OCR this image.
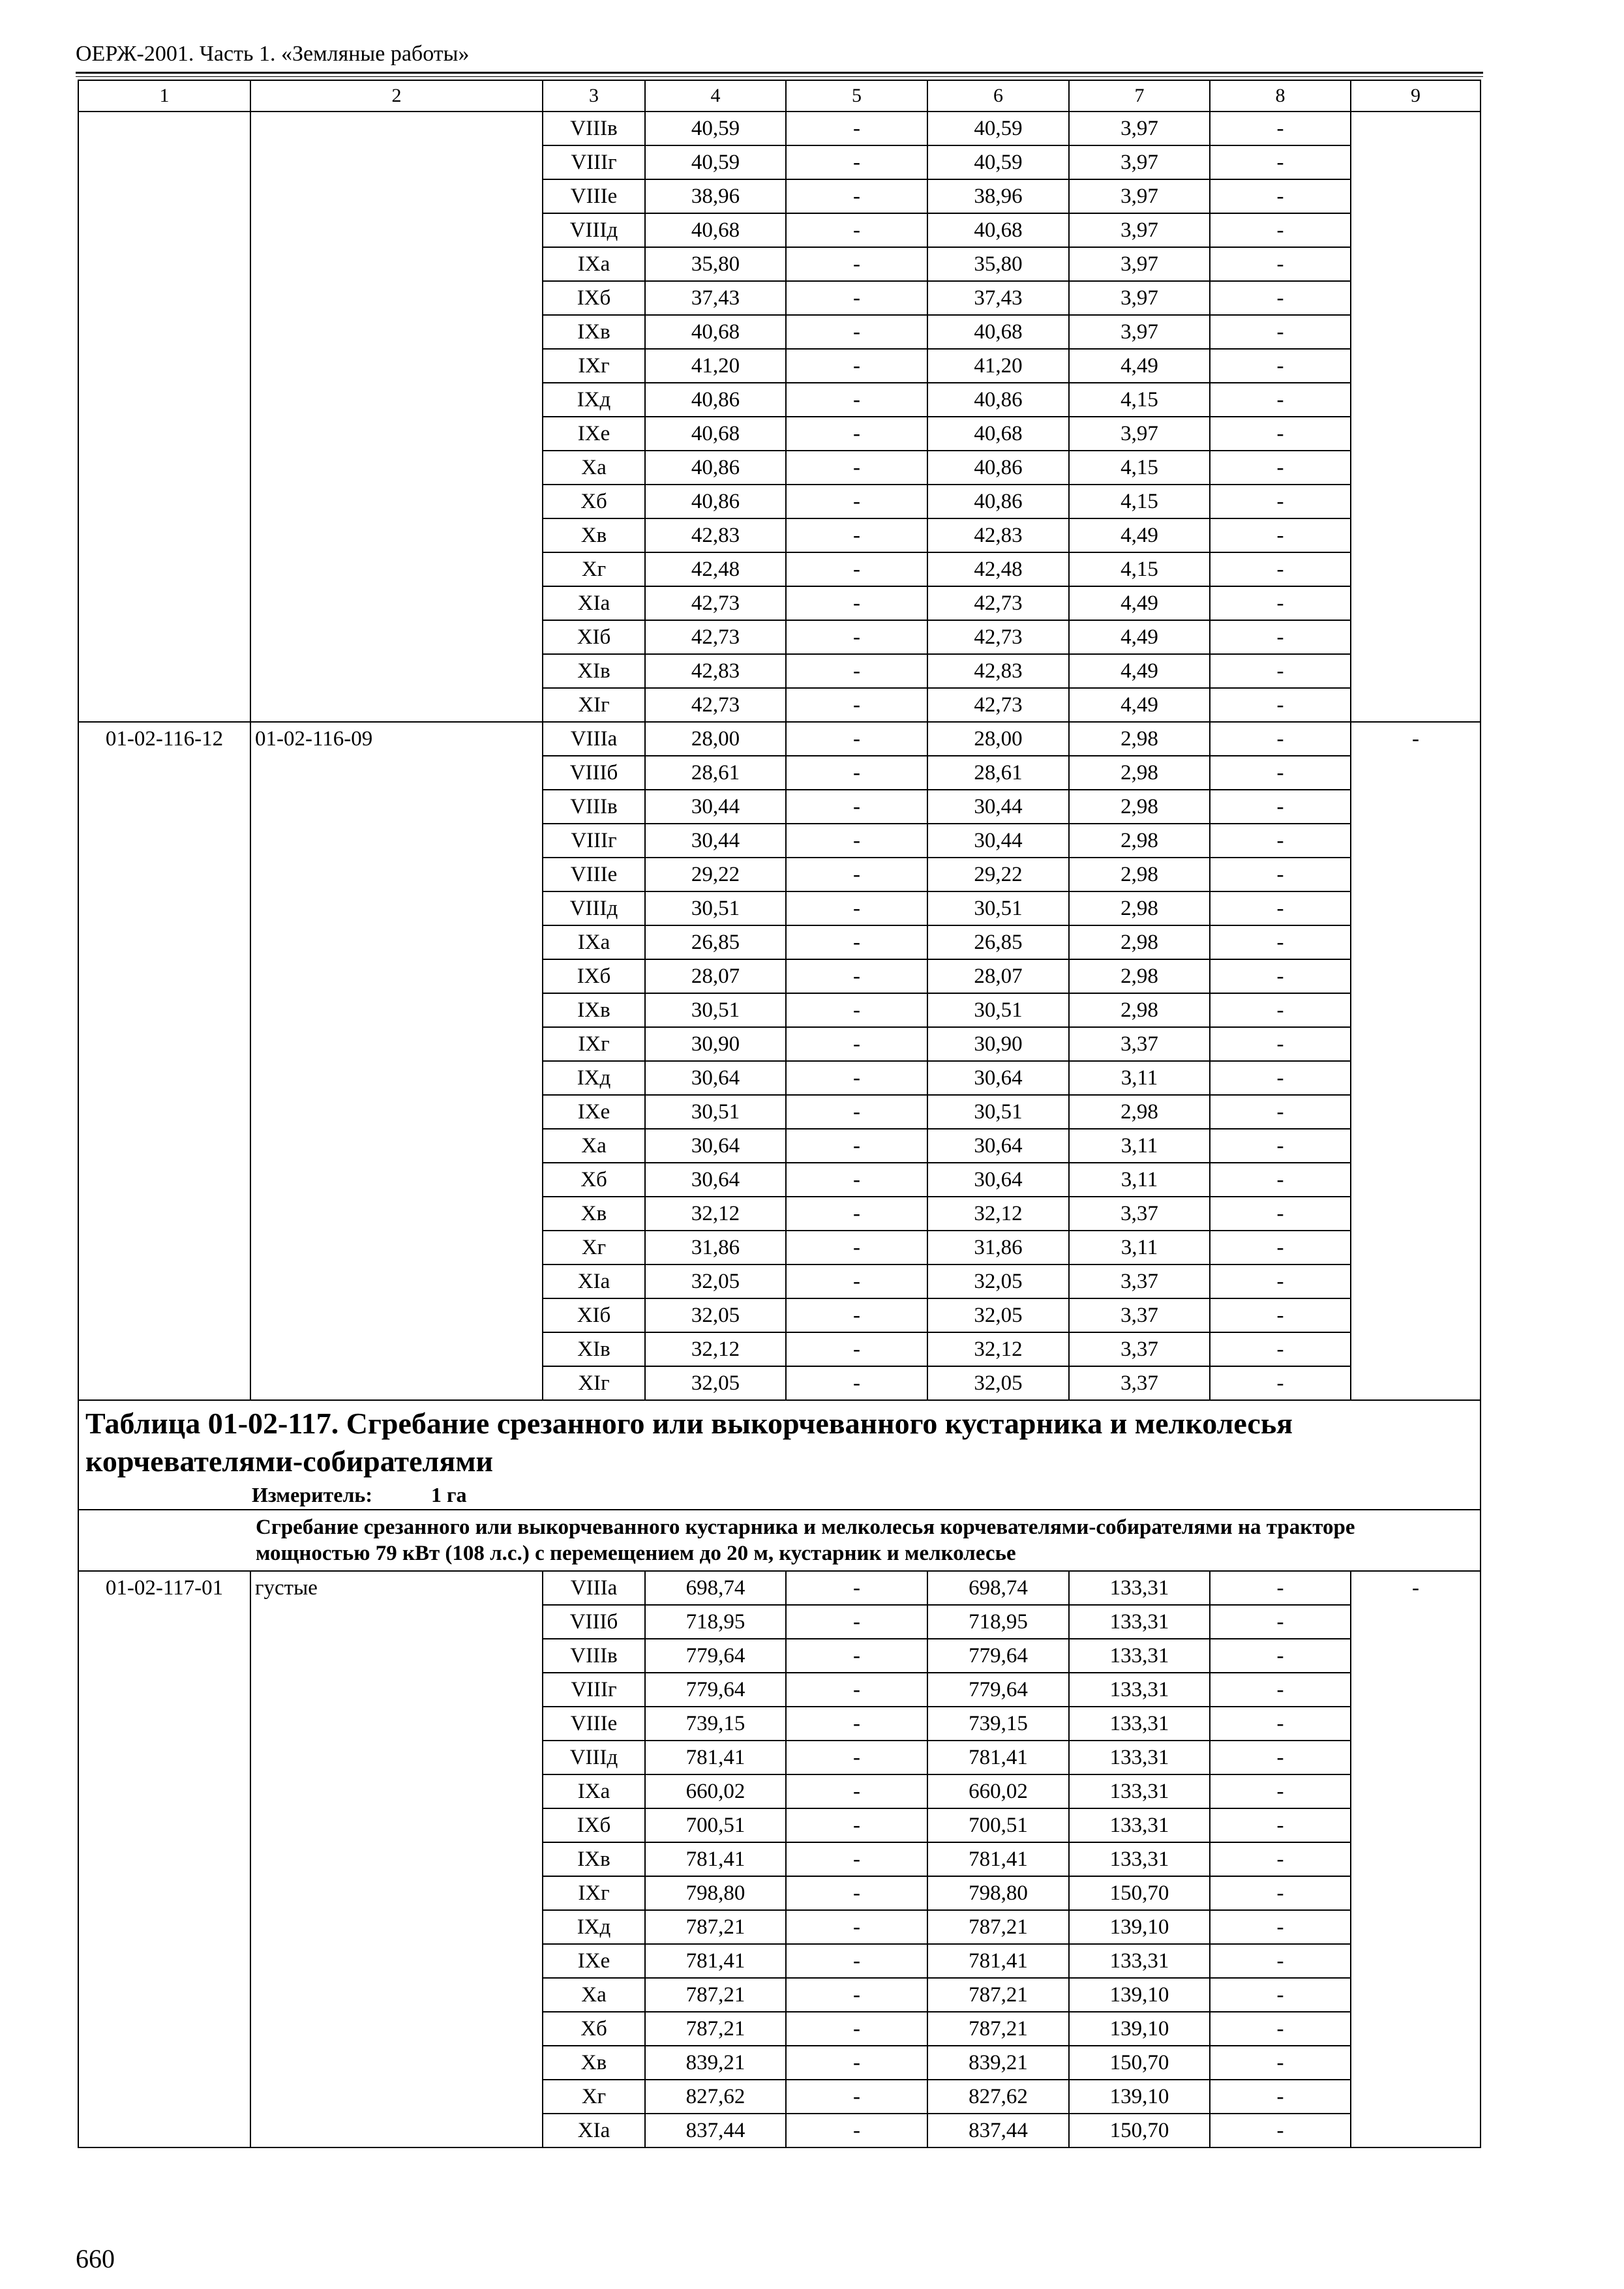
ОЕРЖ-2001. Часть 1. «Земляные работы»
1	2	3	4	5	6	7	8	9
		VIIIв	40,59	-	40,59	3,97	-	
		VIIIг	40,59	-	40,59	3,97	-	
		VIIIе	38,96	-	38,96	3,97	-	
		VIIIд	40,68	-	40,68	3,97	-	
		IXа	35,80	-	35,80	3,97	-	
		IXб	37,43	-	37,43	3,97	-	
		IXв	40,68	-	40,68	3,97	-	
		IXг	41,20	-	41,20	4,49	-	
		IXд	40,86	-	40,86	4,15	-	
		IXе	40,68	-	40,68	3,97	-	
		Xа	40,86	-	40,86	4,15	-	
		Xб	40,86	-	40,86	4,15	-	
		Xв	42,83	-	42,83	4,49	-	
		Xг	42,48	-	42,48	4,15	-	
		XIа	42,73	-	42,73	4,49	-	
		XIб	42,73	-	42,73	4,49	-	
		XIв	42,83	-	42,83	4,49	-	
		XIг	42,73	-	42,73	4,49	-	
01-02-116-12	01-02-116-09	VIIIа	28,00	-	28,00	2,98	-	-
		VIIIб	28,61	-	28,61	2,98	-	
		VIIIв	30,44	-	30,44	2,98	-	
		VIIIг	30,44	-	30,44	2,98	-	
		VIIIе	29,22	-	29,22	2,98	-	
		VIIIд	30,51	-	30,51	2,98	-	
		IXа	26,85	-	26,85	2,98	-	
		IXб	28,07	-	28,07	2,98	-	
		IXв	30,51	-	30,51	2,98	-	
		IXг	30,90	-	30,90	3,37	-	
		IXд	30,64	-	30,64	3,11	-	
		IXе	30,51	-	30,51	2,98	-	
		Xа	30,64	-	30,64	3,11	-	
		Xб	30,64	-	30,64	3,11	-	
		Xв	32,12	-	32,12	3,37	-	
		Xг	31,86	-	31,86	3,11	-	
		XIа	32,05	-	32,05	3,37	-	
		XIб	32,05	-	32,05	3,37	-	
		XIв	32,12	-	32,12	3,37	-	
		XIг	32,05	-	32,05	3,37	-	

Таблица 01-02-117. Сгребание срезанного или выкорчеванного кустарника и мелколесья корчевателями-собирателями
Измеритель: 1 га								

	Сгребание срезанного или выкорчеванного кустарника и мелколесья корчевателями-собирателями на тракторе мощностью 79 кВт (108 л.с.) с перемещением до 20 м, кустарник и мелколесье							
01-02-117-01	густые	VIIIа	698,74	-	698,74	133,31	-	-
		VIIIб	718,95	-	718,95	133,31	-	
		VIIIв	779,64	-	779,64	133,31	-	
		VIIIг	779,64	-	779,64	133,31	-	
		VIIIе	739,15	-	739,15	133,31	-	
		VIIIд	781,41	-	781,41	133,31	-	
		IXа	660,02	-	660,02	133,31	-	
		IXб	700,51	-	700,51	133,31	-	
		IXв	781,41	-	781,41	133,31	-	
		IXг	798,80	-	798,80	150,70	-	
		IXд	787,21	-	787,21	139,10	-	
		IXе	781,41	-	781,41	133,31	-	
		Xа	787,21	-	787,21	139,10	-	
		Xб	787,21	-	787,21	139,10	-	
		Xв	839,21	-	839,21	150,70	-	
		Xг	827,62	-	827,62	139,10	-	
		XIа	837,44	-	837,44	150,70	-	
660
